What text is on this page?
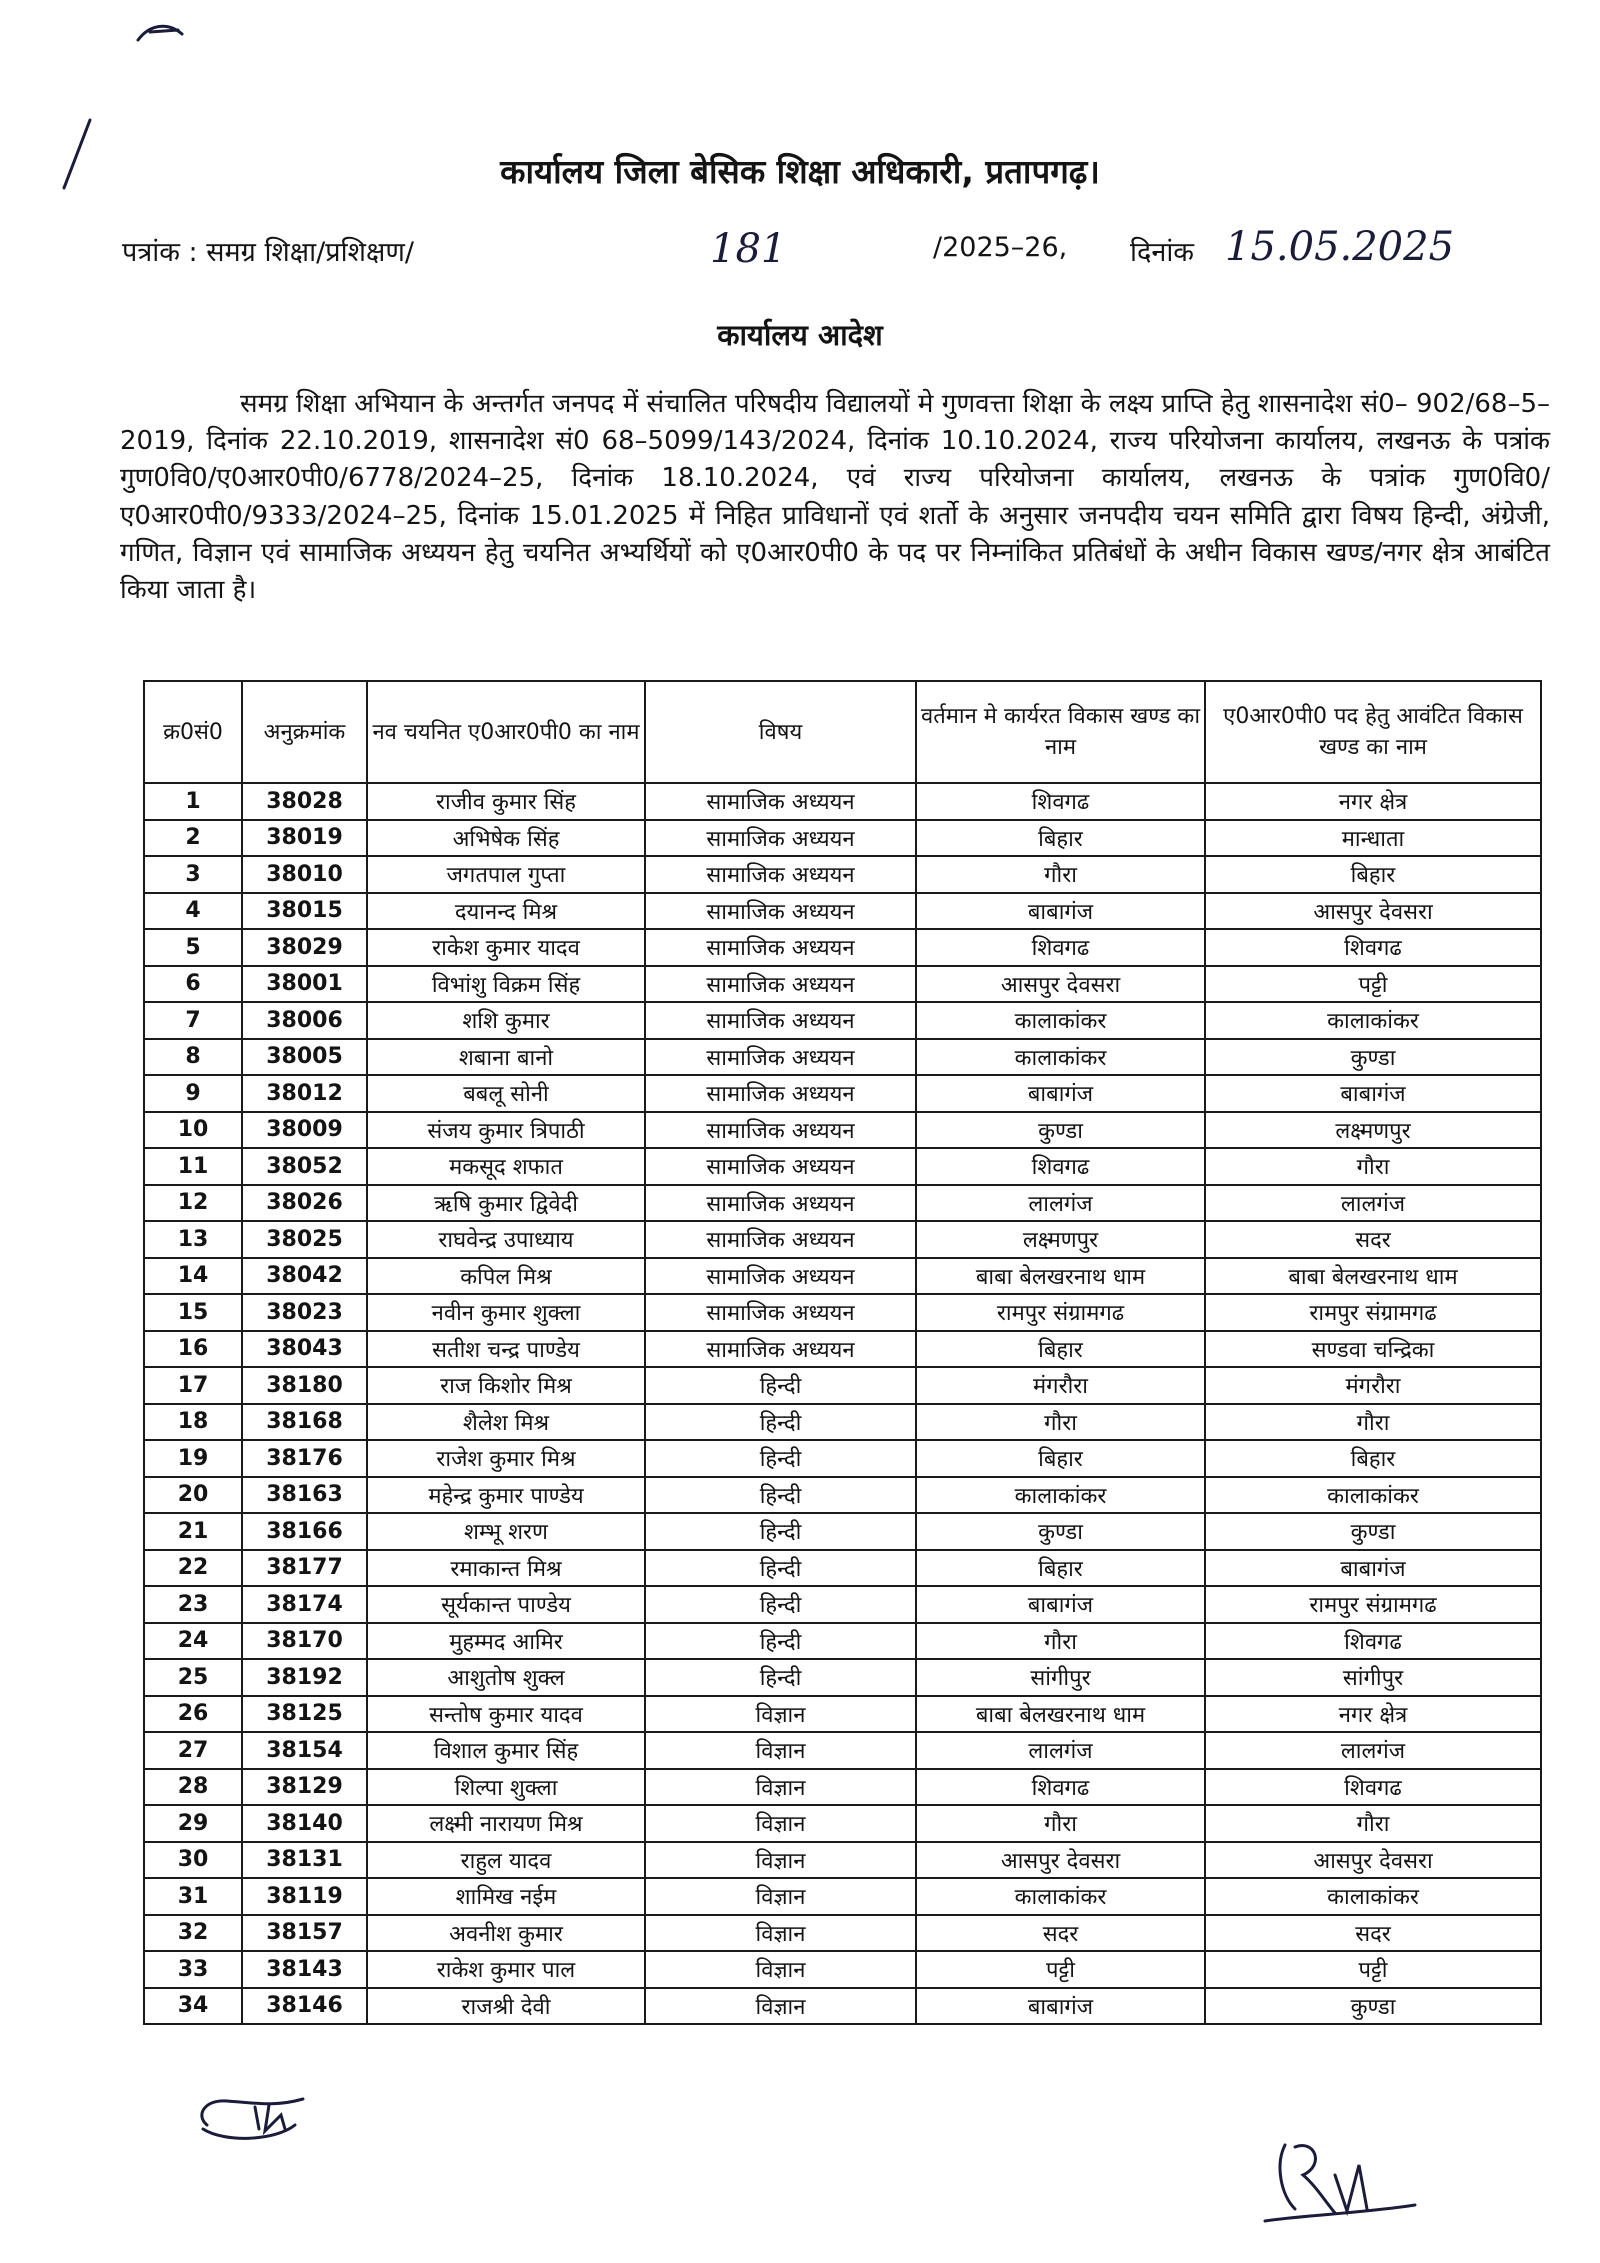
कार्यालय जिला बेसिक शिक्षा अधिकारी, प्रतापगढ़।
पत्रांक : समग्र शिक्षा/प्रशिक्षण/	181	/2025–26, दिनांक 15.05.2025
कार्यालय आदेश
समग्र शिक्षा अभियान के अन्तर्गत जनपद में संचालित परिषदीय विद्यालयों मे गुणवत्ता शिक्षा के लक्ष्य प्राप्ति हेतु शासनादेश सं0– 902/68–5–2019, दिनांक 22.10.2019, शासनादेश सं0 68–5099/143/2024, दिनांक 10.10.2024, राज्य परियोजना कार्यालय, लखनऊ के पत्रांक गुण0वि0/ए0आर0पी0/6778/2024–25, दिनांक 18.10.2024, एवं राज्य परियोजना कार्यालय, लखनऊ के पत्रांक गुण0वि0/ए0आर0पी0/9333/2024–25, दिनांक 15.01.2025 में निहित प्राविधानों एवं शर्तो के अनुसार जनपदीय चयन समिति द्वारा विषय हिन्दी, अंग्रेजी, गणित, विज्ञान एवं सामाजिक अध्ययन हेतु चयनित अभ्यर्थियों को ए0आर0पी0 के पद पर निम्नांकित प्रतिबंधों के अधीन विकास खण्ड/नगर क्षेत्र आबंटित किया जाता है।
क्र0सं0	अनुक्रमांक	नव चयनित ए0आर0पी0 का नाम	विषय	वर्तमान मे कार्यरत विकास खण्ड का नाम	ए0आर0पी0 पद हेतु आवंटित विकास खण्ड का नाम
1	38028	राजीव कुमार सिंह	सामाजिक अध्ययन	शिवगढ	नगर क्षेत्र
2	38019	अभिषेक सिंह	सामाजिक अध्ययन	बिहार	मान्धाता
3	38010	जगतपाल गुप्ता	सामाजिक अध्ययन	गौरा	बिहार
4	38015	दयानन्द मिश्र	सामाजिक अध्ययन	बाबागंज	आसपुर देवसरा
5	38029	राकेश कुमार यादव	सामाजिक अध्ययन	शिवगढ	शिवगढ
6	38001	विभांशु विक्रम सिंह	सामाजिक अध्ययन	आसपुर देवसरा	पट्टी
7	38006	शशि कुमार	सामाजिक अध्ययन	कालाकांकर	कालाकांकर
8	38005	शबाना बानो	सामाजिक अध्ययन	कालाकांकर	कुण्डा
9	38012	बबलू सोनी	सामाजिक अध्ययन	बाबागंज	बाबागंज
10	38009	संजय कुमार त्रिपाठी	सामाजिक अध्ययन	कुण्डा	लक्ष्मणपुर
11	38052	मकसूद शफात	सामाजिक अध्ययन	शिवगढ	गौरा
12	38026	ऋषि कुमार द्विवेदी	सामाजिक अध्ययन	लालगंज	लालगंज
13	38025	राघवेन्द्र उपाध्याय	सामाजिक अध्ययन	लक्ष्मणपुर	सदर
14	38042	कपिल मिश्र	सामाजिक अध्ययन	बाबा बेलखरनाथ धाम	बाबा बेलखरनाथ धाम
15	38023	नवीन कुमार शुक्ला	सामाजिक अध्ययन	रामपुर संग्रामगढ	रामपुर संग्रामगढ
16	38043	सतीश चन्द्र पाण्डेय	सामाजिक अध्ययन	बिहार	सण्डवा चन्द्रिका
17	38180	राज किशोर मिश्र	हिन्दी	मंगरौरा	मंगरौरा
18	38168	शैलेश मिश्र	हिन्दी	गौरा	गौरा
19	38176	राजेश कुमार मिश्र	हिन्दी	बिहार	बिहार
20	38163	महेन्द्र कुमार पाण्डेय	हिन्दी	कालाकांकर	कालाकांकर
21	38166	शम्भू शरण	हिन्दी	कुण्डा	कुण्डा
22	38177	रमाकान्त मिश्र	हिन्दी	बिहार	बाबागंज
23	38174	सूर्यकान्त पाण्डेय	हिन्दी	बाबागंज	रामपुर संग्रामगढ
24	38170	मुहम्मद आमिर	हिन्दी	गौरा	शिवगढ
25	38192	आशुतोष शुक्ल	हिन्दी	सांगीपुर	सांगीपुर
26	38125	सन्तोष कुमार यादव	विज्ञान	बाबा बेलखरनाथ धाम	नगर क्षेत्र
27	38154	विशाल कुमार सिंह	विज्ञान	लालगंज	लालगंज
28	38129	शिल्पा शुक्ला	विज्ञान	शिवगढ	शिवगढ
29	38140	लक्ष्मी नारायण मिश्र	विज्ञान	गौरा	गौरा
30	38131	राहुल यादव	विज्ञान	आसपुर देवसरा	आसपुर देवसरा
31	38119	शामिख नईम	विज्ञान	कालाकांकर	कालाकांकर
32	38157	अवनीश कुमार	विज्ञान	सदर	सदर
33	38143	राकेश कुमार पाल	विज्ञान	पट्टी	पट्टी
34	38146	राजश्री देवी	विज्ञान	बाबागंज	कुण्डा
